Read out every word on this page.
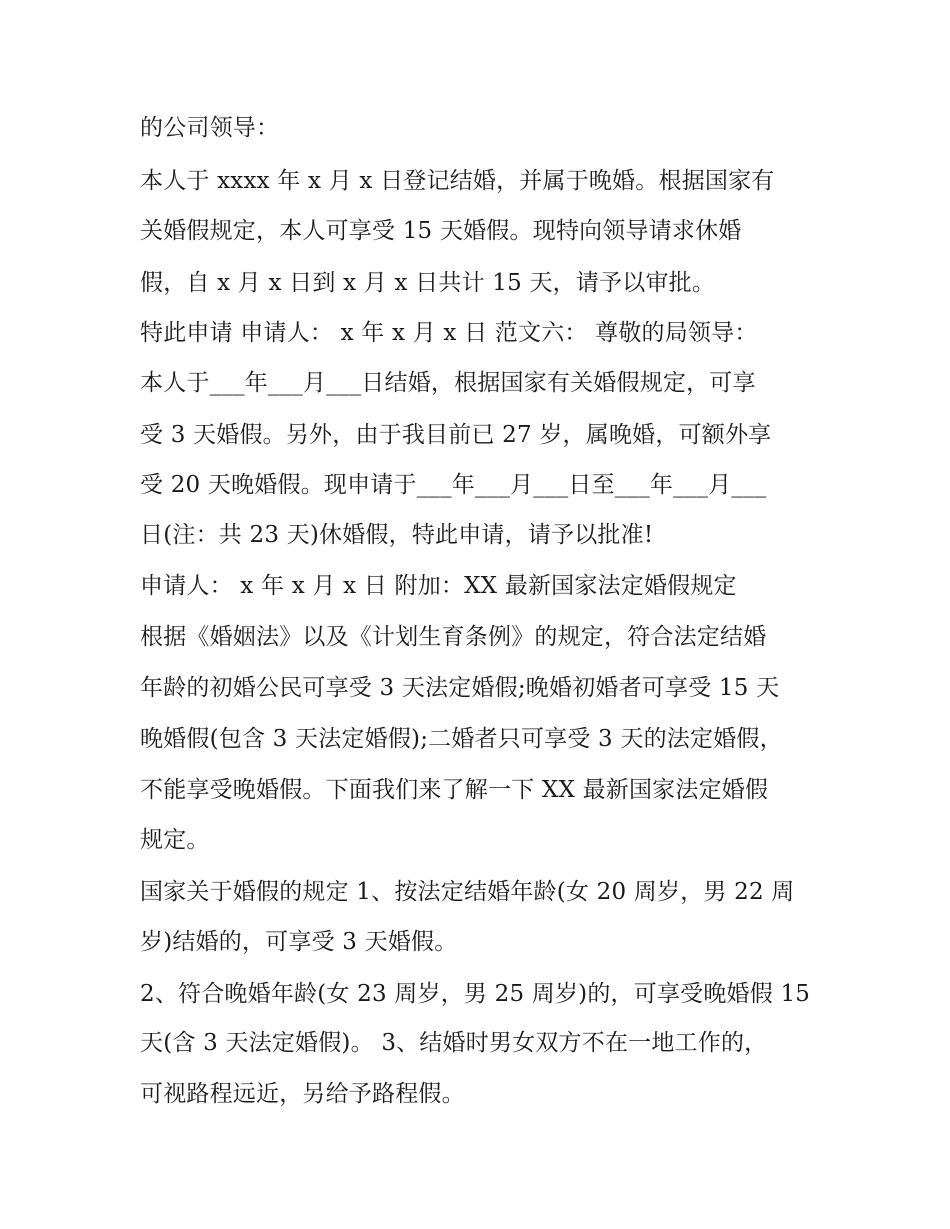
的公司领导：
本人于 xxxx 年 x 月 x 日登记结婚，并属于晚婚。根据国家有
关婚假规定，本人可享受 15 天婚假。现特向领导请求休婚
假，自 x 月 x 日到 x 月 x 日共计 15 天，请予以审批。
特此申请 申请人： x 年 x 月 x 日 范文六： 尊敬的局领导：
本人于___年___月___日结婚，根据国家有关婚假规定，可享
受 3 天婚假。另外，由于我目前已 27 岁，属晚婚，可额外享
受 20 天晚婚假。现申请于___年___月___日至___年___月___
日(注：共 23 天)休婚假，特此申请，请予以批准!
申请人： x 年 x 月 x 日 附加：XX 最新国家法定婚假规定
根据《婚姻法》以及《计划生育条例》的规定，符合法定结婚
年龄的初婚公民可享受 3 天法定婚假;晚婚初婚者可享受 15 天
晚婚假(包含 3 天法定婚假);二婚者只可享受 3 天的法定婚假，
不能享受晚婚假。下面我们来了解一下 XX 最新国家法定婚假
规定。
国家关于婚假的规定 1、按法定结婚年龄(女 20 周岁，男 22 周
岁)结婚的，可享受 3 天婚假。
2、符合晚婚年龄(女 23 周岁，男 25 周岁)的，可享受晚婚假 15
天(含 3 天法定婚假)。 3、结婚时男女双方不在一地工作的，
可视路程远近，另给予路程假。
